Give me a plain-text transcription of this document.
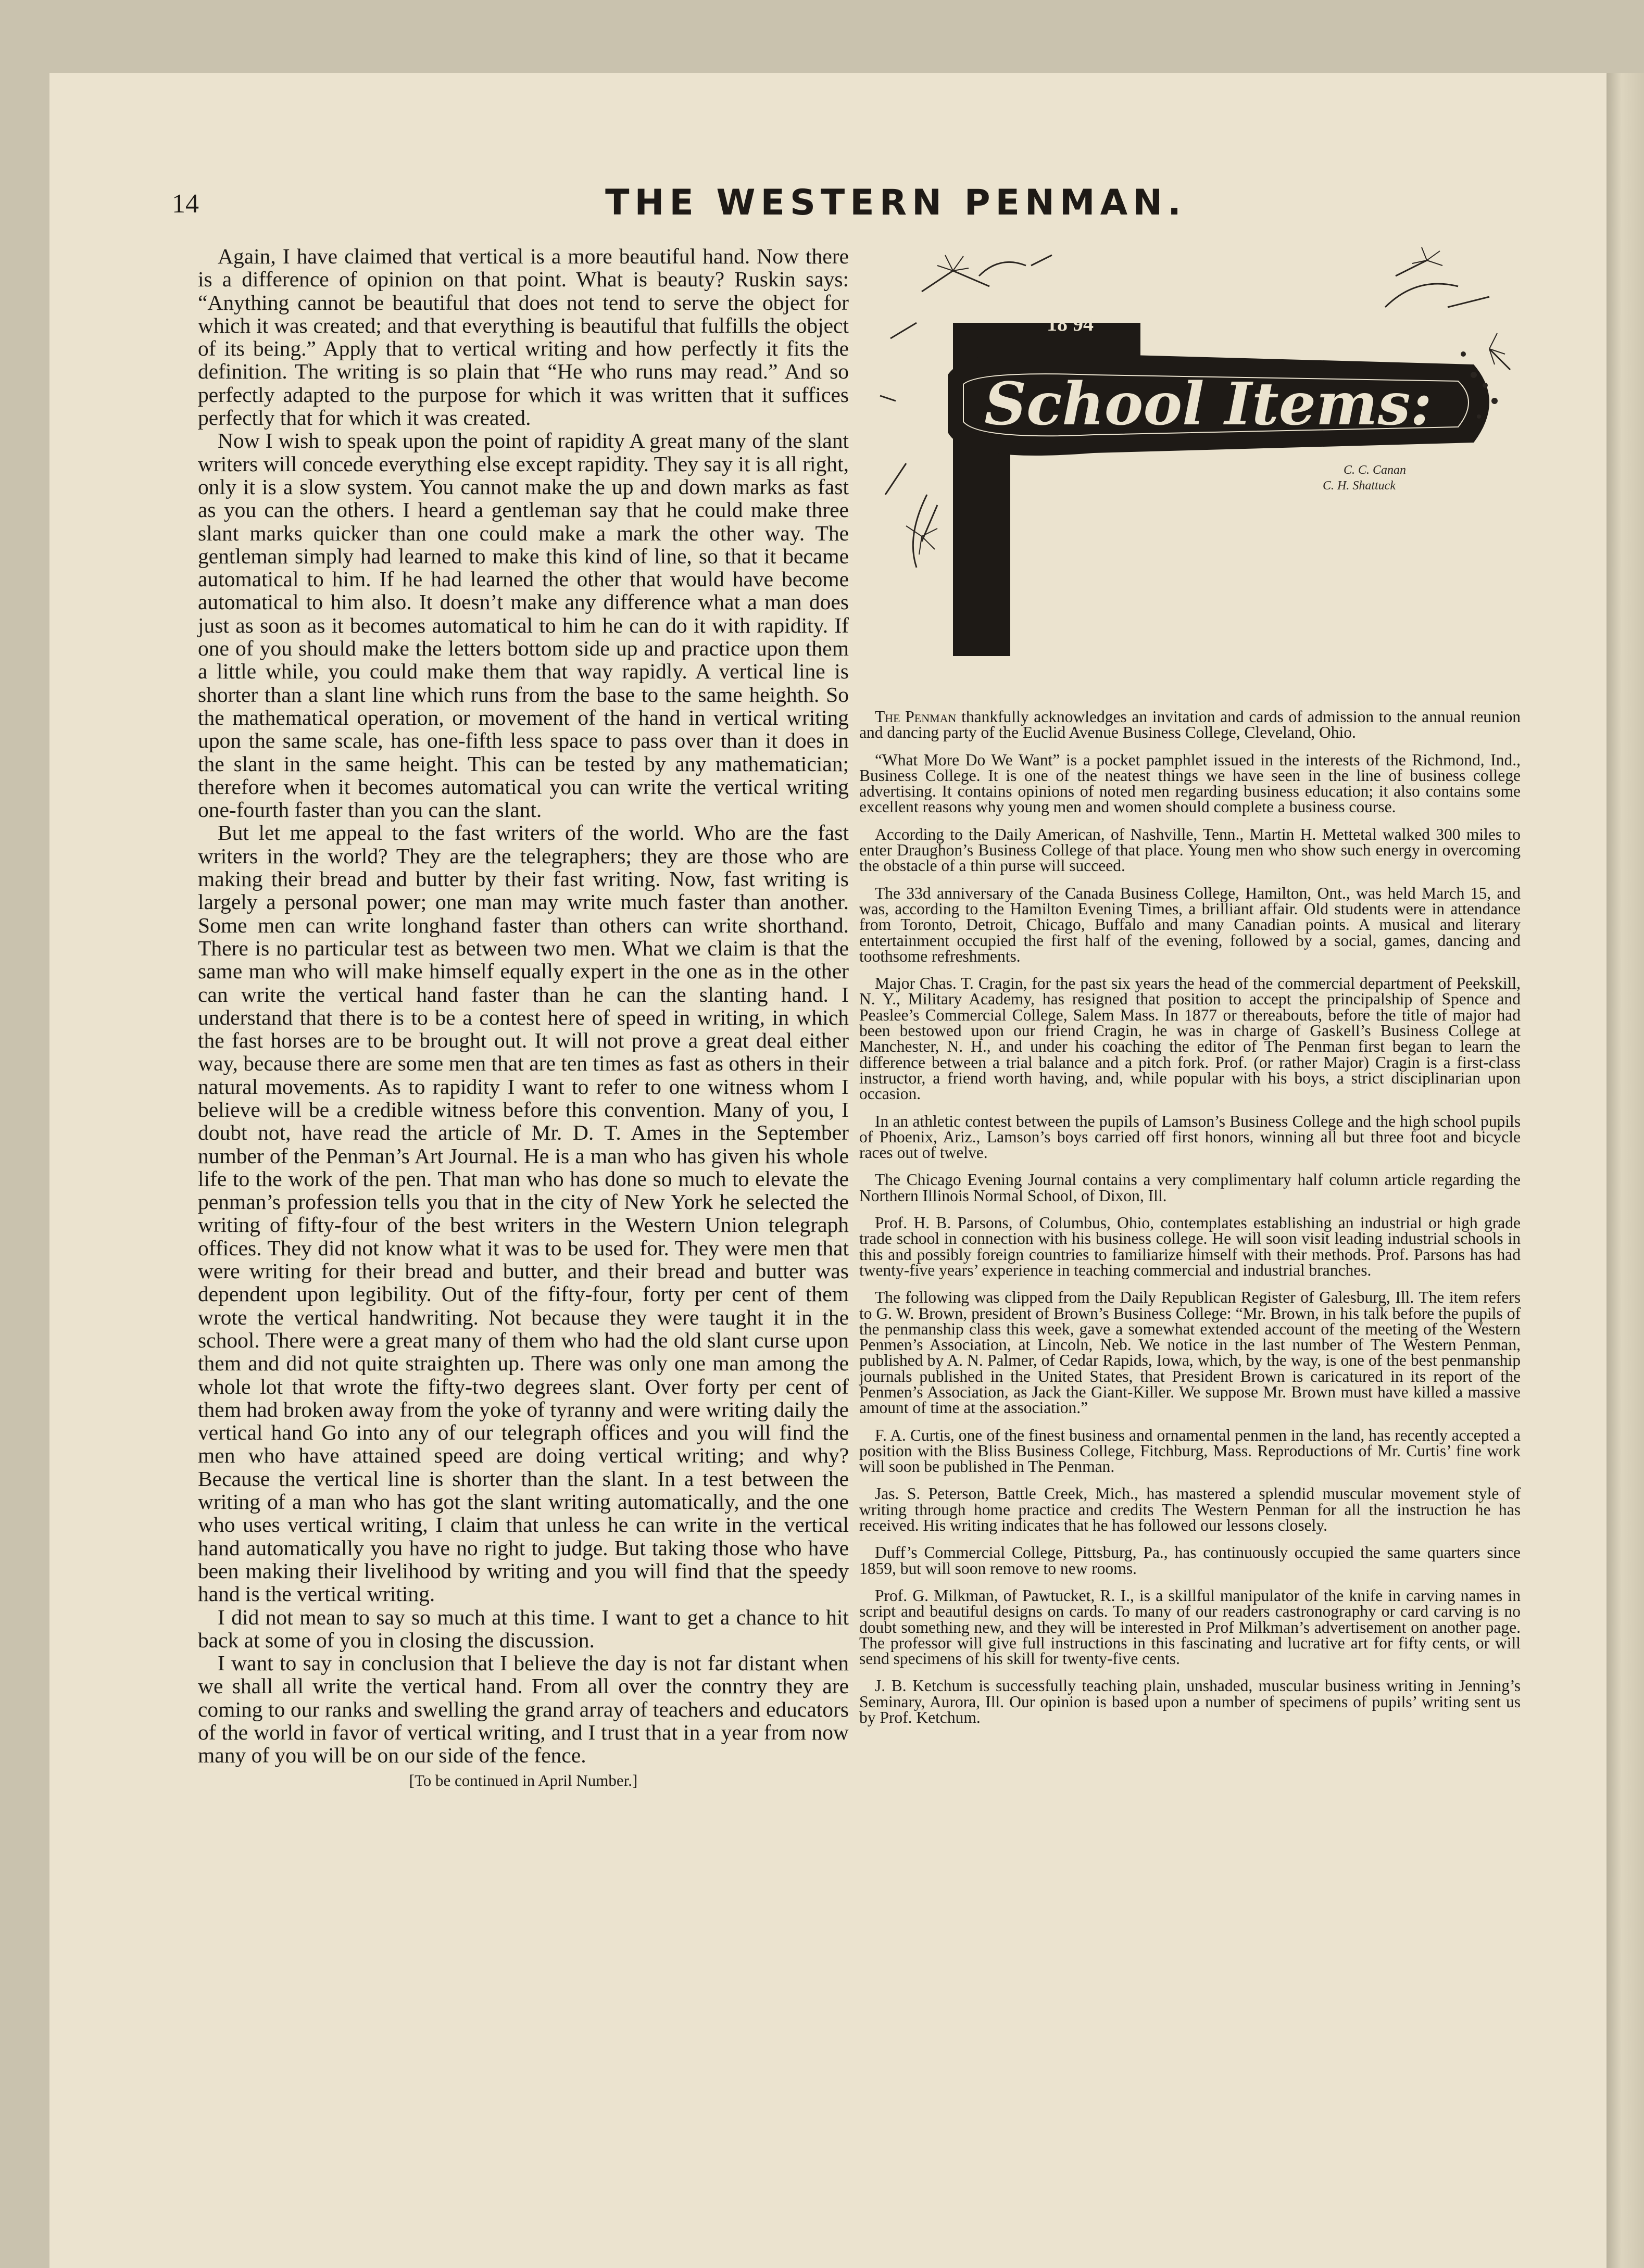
14	THE WESTERN PENMAN.

Again, I have claimed that vertical is a more beautiful hand. Now there is a difference of opinion on that point. What is beauty? Ruskin says: “Anything cannot be beautiful that does not tend to serve the object for which it was created; and that everything is beautiful that fulfills the object of its being.” Apply that to vertical writing and how perfectly it fits the definition. The writing is so plain that “He who runs may read.” And so perfectly adapted to the purpose for which it was written that it suffices perfectly that for which it was created.

Now I wish to speak upon the point of rapidity A great many of the slant writers will concede everything else except rapidity. They say it is all right, only it is a slow system. You cannot make the up and down marks as fast as you can the others. I heard a gentleman say that he could make three slant marks quicker than one could make a mark the other way. The gentleman simply had learned to make this kind of line, so that it became automatical to him. If he had learned the other that would have become automatical to him also. It doesn’t make any difference what a man does just as soon as it becomes automatical to him he can do it with rapidity. If one of you should make the letters bottom side up and practice upon them a little while, you could make them that way rapidly. A vertical line is shorter than a slant line which runs from the base to the same heighth. So the mathematical operation, or movement of the hand in vertical writing upon the same scale, has one-fifth less space to pass over than it does in the slant in the same height. This can be tested by any mathematician; therefore when it becomes automatical you can write the vertical writing one-fourth faster than you can the slant.

But let me appeal to the fast writers of the world. Who are the fast writers in the world? They are the telegraphers; they are those who are making their bread and butter by their fast writing. Now, fast writing is largely a personal power; one man may write much faster than another. Some men can write longhand faster than others can write shorthand. There is no particular test as between two men. What we claim is that the same man who will make himself equally expert in the one as in the other can write the vertical hand faster than he can the slanting hand. I understand that there is to be a contest here of speed in writing, in which the fast horses are to be brought out. It will not prove a great deal either way, because there are some men that are ten times as fast as others in their natural movements. As to rapidity I want to refer to one witness whom I believe will be a credible witness before this convention. Many of you, I doubt not, have read the article of Mr. D. T. Ames in the September number of the Penman’s Art Journal. He is a man who has given his whole life to the work of the pen. That man who has done so much to elevate the penman’s profession tells you that in the city of New York he selected the writing of fifty-four of the best writers in the Western Union telegraph offices. They did not know what it was to be used for. They were men that were writing for their bread and butter, and their bread and butter was dependent upon legibility. Out of the fifty-four, forty per cent of them wrote the vertical handwriting. Not because they were taught it in the school. There were a great many of them who had the old slant curse upon them and did not quite straighten up. There was only one man among the whole lot that wrote the fifty-two degrees slant. Over forty per cent of them had broken away from the yoke of tyranny and were writing daily the vertical hand Go into any of our telegraph offices and you will find the men who have attained speed are doing vertical writing; and why? Because the vertical line is shorter than the slant. In a test between the writing of a man who has got the slant writing automatically, and the one who uses vertical writing, I claim that unless he can write in the vertical hand automatically you have no right to judge. But taking those who have been making their livelihood by writing and you will find that the speedy hand is the vertical writing.

I did not mean to say so much at this time. I want to get a chance to hit back at some of you in closing the discussion.

I want to say in conclusion that I believe the day is not far distant when we shall all write the vertical hand. From all over the conntry they are coming to our ranks and swelling the grand array of teachers and educators of the world in favor of vertical writing, and I trust that in a year from now many of you will be on our side of the fence.

[To be continued in April Number.]

18 94
School Items:
C. C. Canan
C. H. Shattuck

The Penman thankfully acknowledges an invitation and cards of admission to the annual reunion and dancing party of the Euclid Avenue Business College, Cleveland, Ohio.

“What More Do We Want” is a pocket pamphlet issued in the interests of the Richmond, Ind., Business College. It is one of the neatest things we have seen in the line of business college advertising. It contains opinions of noted men regarding business education; it also contains some excellent reasons why young men and women should complete a business course.

According to the Daily American, of Nashville, Tenn., Martin H. Mettetal walked 300 miles to enter Draughon’s Business College of that place. Young men who show such energy in overcoming the obstacle of a thin purse will succeed.

The 33d anniversary of the Canada Business College, Hamilton, Ont., was held March 15, and was, according to the Hamilton Evening Times, a brilliant affair. Old students were in attendance from Toronto, Detroit, Chicago, Buffalo and many Canadian points. A musical and literary entertainment occupied the first half of the evening, followed by a social, games, dancing and toothsome refreshments.

Major Chas. T. Cragin, for the past six years the head of the commercial department of Peekskill, N. Y., Military Academy, has resigned that position to accept the principalship of Spence and Peaslee’s Commercial College, Salem Mass. In 1877 or thereabouts, before the title of major had been bestowed upon our friend Cragin, he was in charge of Gaskell’s Business College at Manchester, N. H., and under his coaching the editor of The Penman first began to learn the difference between a trial balance and a pitch fork. Prof. (or rather Major) Cragin is a first-class instructor, a friend worth having, and, while popular with his boys, a strict disciplinarian upon occasion.

In an athletic contest between the pupils of Lamson’s Business College and the high school pupils of Phoenix, Ariz., Lamson’s boys carried off first honors, winning all but three foot and bicycle races out of twelve.

The Chicago Evening Journal contains a very complimentary half column article regarding the Northern Illinois Normal School, of Dixon, Ill.

Prof. H. B. Parsons, of Columbus, Ohio, contemplates establishing an industrial or high grade trade school in connection with his business college. He will soon visit leading industrial schools in this and possibly foreign countries to familiarize himself with their methods. Prof. Parsons has had twenty-five years’ experience in teaching commercial and industrial branches.

The following was clipped from the Daily Republican Register of Galesburg, Ill. The item refers to G. W. Brown, president of Brown’s Business College: “Mr. Brown, in his talk before the pupils of the penmanship class this week, gave a somewhat extended account of the meeting of the Western Penmen’s Association, at Lincoln, Neb. We notice in the last number of The Western Penman, published by A. N. Palmer, of Cedar Rapids, Iowa, which, by the way, is one of the best penmanship journals published in the United States, that President Brown is caricatured in its report of the Penmen’s Association, as Jack the Giant-Killer. We suppose Mr. Brown must have killed a massive amount of time at the association.”

F. A. Curtis, one of the finest business and ornamental penmen in the land, has recently accepted a position with the Bliss Business College, Fitchburg, Mass. Reproductions of Mr. Curtis’ fine work will soon be published in The Penman.

Jas. S. Peterson, Battle Creek, Mich., has mastered a splendid muscular movement style of writing through home practice and credits The Western Penman for all the instruction he has received. His writing indicates that he has followed our lessons closely.

Duff’s Commercial College, Pittsburg, Pa., has continuously occupied the same quarters since 1859, but will soon remove to new rooms.

Prof. G. Milkman, of Pawtucket, R. I., is a skillful manipulator of the knife in carving names in script and beautiful designs on cards. To many of our readers castronography or card carving is no doubt something new, and they will be interested in Prof Milkman’s advertisement on another page. The professor will give full instructions in this fascinating and lucrative art for fifty cents, or will send specimens of his skill for twenty-five cents.

J. B. Ketchum is successfully teaching plain, unshaded, muscular business writing in Jenning’s Seminary, Aurora, Ill. Our opinion is based upon a number of specimens of pupils’ writing sent us by Prof. Ketchum.
